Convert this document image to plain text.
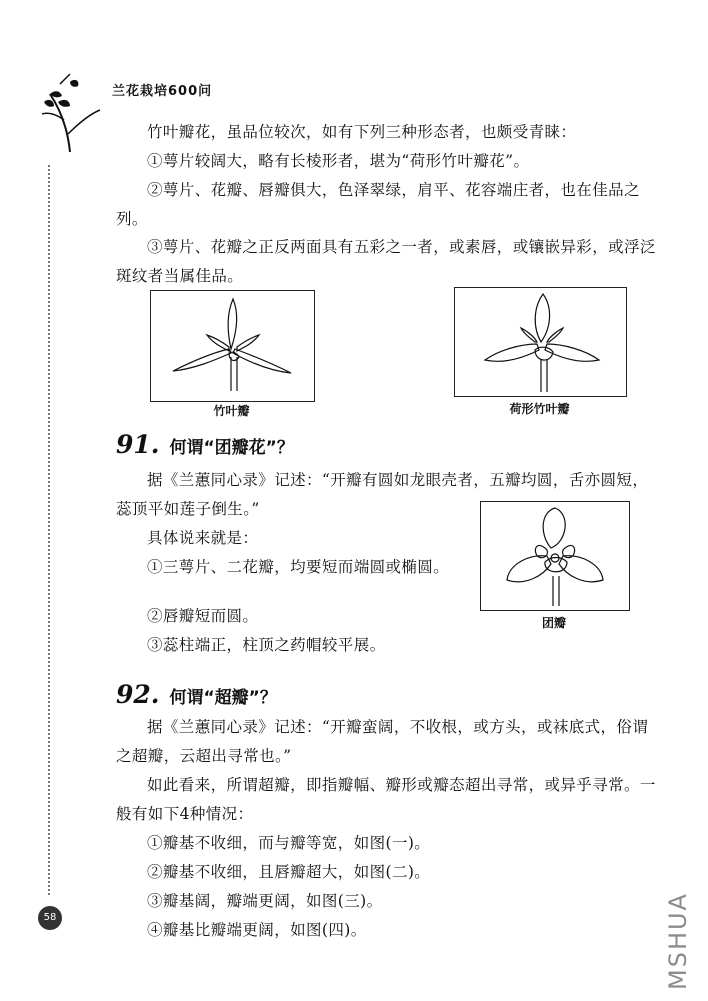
兰花栽培600问

竹叶瓣花，虽品位较次，如有下列三种形态者，也颇受青睐：

①萼片较阔大，略有长棱形者，堪为“荷形竹叶瓣花”。

②萼片、花瓣、唇瓣俱大，色泽翠绿，肩平、花容端庄者，也在佳品之列。

③萼片、花瓣之正反两面具有五彩之一者，或素唇，或镶嵌异彩，或浮泛斑纹者当属佳品。

竹叶瓣	荷形竹叶瓣
91. 何谓“团瓣花”？

据《兰蕙同心录》记述：“开瓣有圆如龙眼壳者，五瓣均圆，舌亦圆短，蕊顶平如莲子倒生。”

具体说来就是：

①三萼片、二花瓣，均要短而端圆或椭圆。

②唇瓣短而圆。

③蕊柱端正，柱顶之药帽较平展。

团瓣
92. 何谓“超瓣”？

据《兰蕙同心录》记述：“开瓣蛮阔，不收根，或方头，或袜底式，俗谓之超瓣，云超出寻常也。”

如此看来，所谓超瓣，即指瓣幅、瓣形或瓣态超出寻常，或异乎寻常。一般有如下4种情况：

①瓣基不收细，而与瓣等宽，如图(一)。

②瓣基不收细，且唇瓣超大，如图(二)。

③瓣基阔，瓣端更阔，如图(三)。

④瓣基比瓣端更阔，如图(四)。

58	MSHUA
